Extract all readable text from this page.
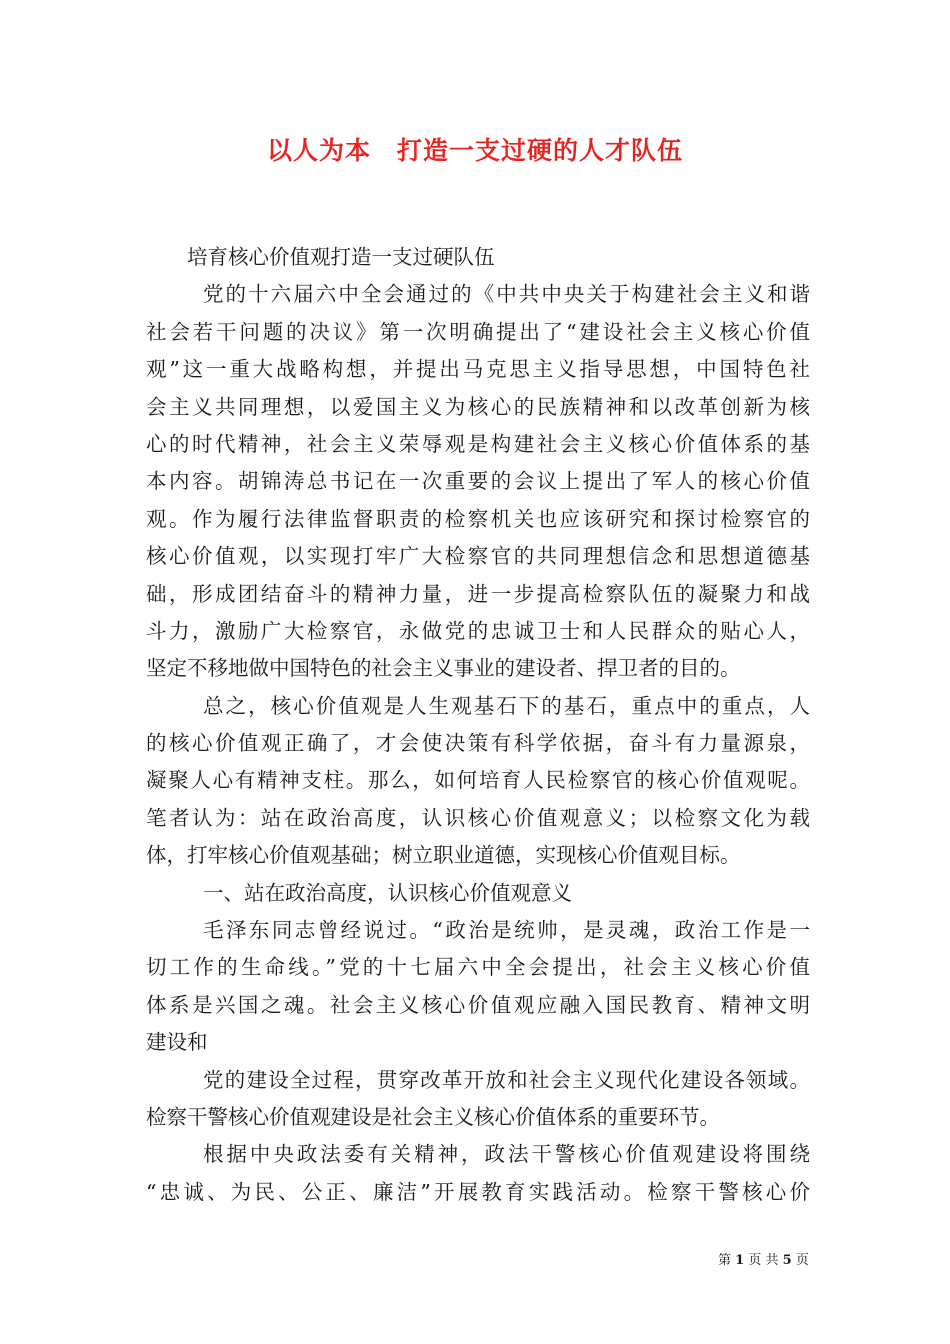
以人为本　打造一支过硬的人才队伍
培育核心价值观打造一支过硬队伍
党的十六届六中全会通过的《中共中央关于构建社会主义和谐
社会若干问题的决议》第一次明确提出了“建设社会主义核心价值
观”这一重大战略构想，并提出马克思主义指导思想，中国特色社
会主义共同理想，以爱国主义为核心的民族精神和以改革创新为核
心的时代精神，社会主义荣辱观是构建社会主义核心价值体系的基
本内容。胡锦涛总书记在一次重要的会议上提出了军人的核心价值
观。作为履行法律监督职责的检察机关也应该研究和探讨检察官的
核心价值观，以实现打牢广大检察官的共同理想信念和思想道德基
础，形成团结奋斗的精神力量，进一步提高检察队伍的凝聚力和战
斗力，激励广大检察官，永做党的忠诚卫士和人民群众的贴心人，
坚定不移地做中国特色的社会主义事业的建设者、捍卫者的目的。
总之，核心价值观是人生观基石下的基石，重点中的重点，人
的核心价值观正确了，才会使决策有科学依据，奋斗有力量源泉，
凝聚人心有精神支柱。那么，如何培育人民检察官的核心价值观呢。
笔者认为：站在政治高度，认识核心价值观意义；以检察文化为载
体，打牢核心价值观基础；树立职业道德，实现核心价值观目标。
一、站在政治高度，认识核心价值观意义
毛泽东同志曾经说过。“政治是统帅，是灵魂，政治工作是一
切工作的生命线。”党的十七届六中全会提出，社会主义核心价值
体系是兴国之魂。社会主义核心价值观应融入国民教育、精神文明
建设和
党的建设全过程，贯穿改革开放和社会主义现代化建设各领域。
检察干警核心价值观建设是社会主义核心价值体系的重要环节。
根据中央政法委有关精神，政法干警核心价值观建设将围绕
“忠诚、为民、公正、廉洁”开展教育实践活动。检察干警核心价
第 1 页 共 5 页
